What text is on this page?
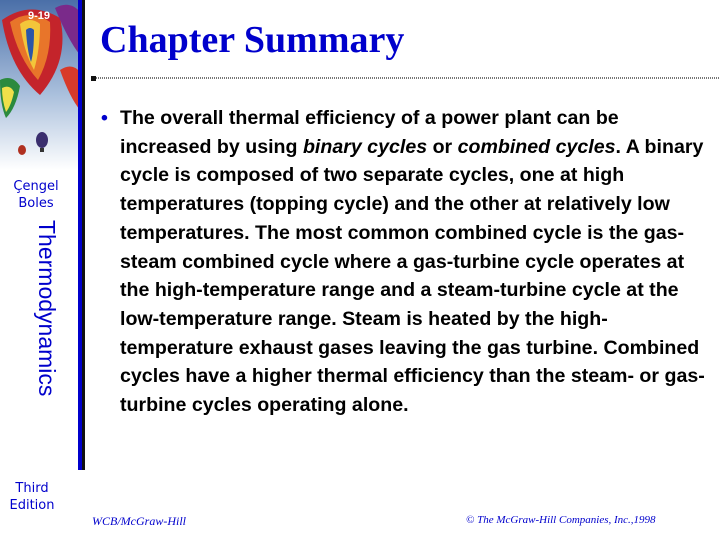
9-19
Çengel
Boles
Thermodynamics
Third
Edition
Chapter Summary
• The overall thermal efficiency of a power plant can be increased by using binary cycles or combined cycles. A binary cycle is composed of two separate cycles, one at high temperatures (topping cycle) and the other at relatively low temperatures. The most common combined cycle is the gas-steam combined cycle where a gas-turbine cycle operates at the high-temperature range and a steam-turbine cycle at the low-temperature range. Steam is heated by the high-temperature exhaust gases leaving the gas turbine. Combined cycles have a higher thermal efficiency than the steam- or gas-turbine cycles operating alone.
WCB/McGraw-Hill	© The McGraw-Hill Companies, Inc.,1998
